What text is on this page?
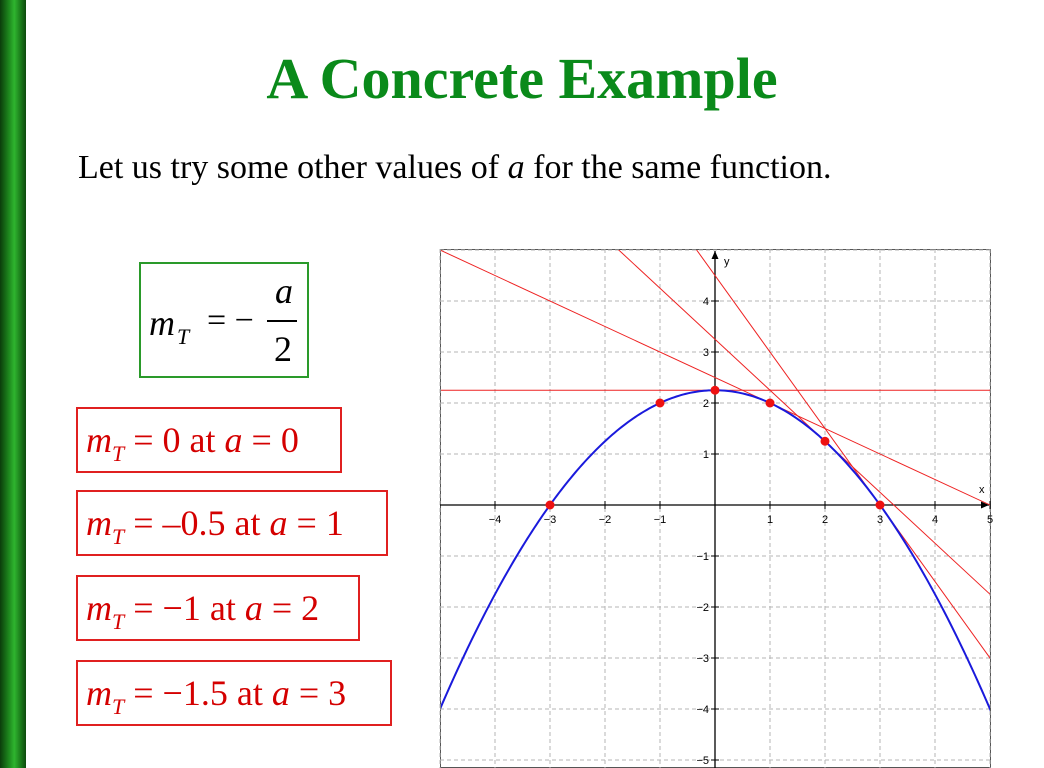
A Concrete Example
Let us try some other values of a for the same function.
m T = −
a
2
$m_T = 0$ at a = 0
$m_T = -0.5$ at a = 1
$m_T = -1$ at a = 2
$m_T = -1.5$ at a = 3
x
y
−4	−3	−2	−1	1	2	3	4	5
−5
−4
−3
−2
−1
1
2
3
4
